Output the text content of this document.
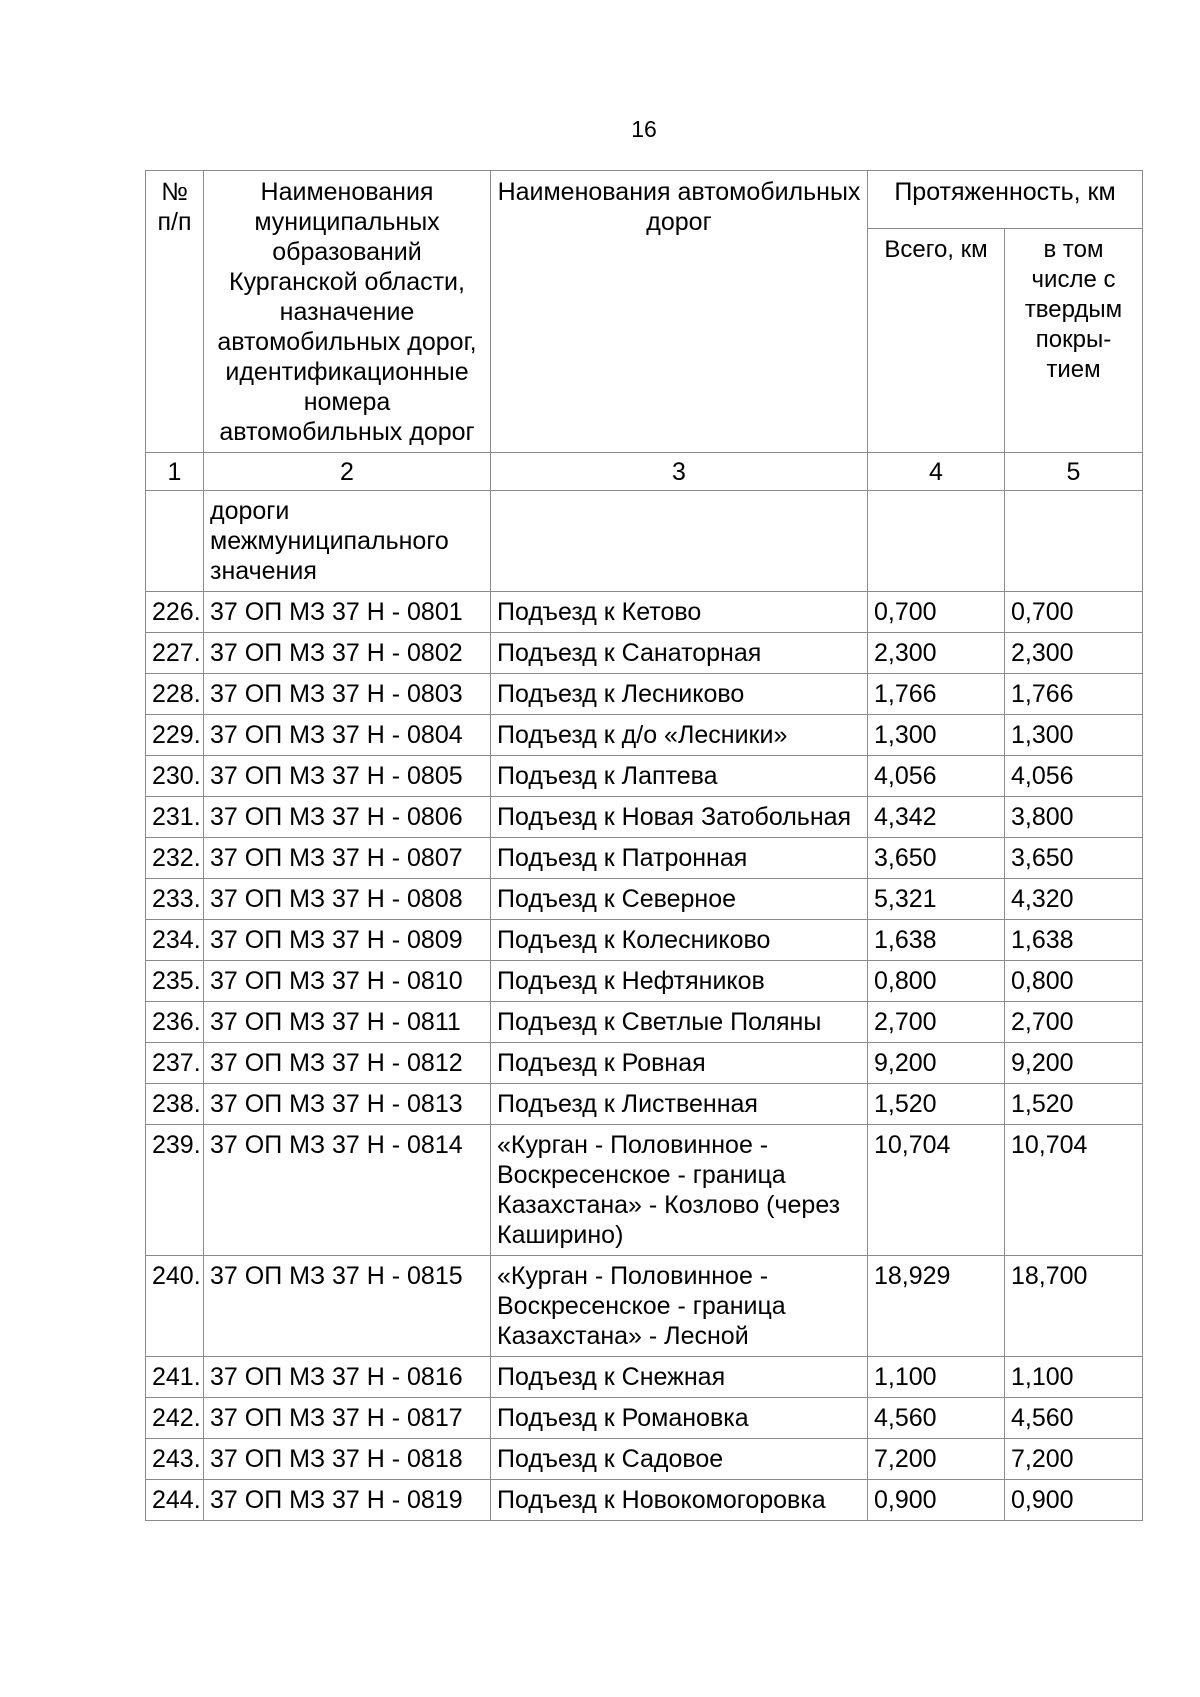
16
№ п/п	Наименования муниципальных образований Курганской области, назначение автомобильных дорог, идентификационные номера автомобильных дорог	Наименования автомобильных дорог	Протяженность, км	
			Всего, км	в том числе с твердым покры-тием
1	2	3	4	5
	дороги межмуниципального значения			
226.	37 ОП МЗ 37 Н - 0801	Подъезд к Кетово	0,700	0,700
227.	37 ОП МЗ 37 Н - 0802	Подъезд к Санаторная	2,300	2,300
228.	37 ОП МЗ 37 Н - 0803	Подъезд к Лесниково	1,766	1,766
229.	37 ОП МЗ 37 Н - 0804	Подъезд к д/о «Лесники»	1,300	1,300
230.	37 ОП МЗ 37 Н - 0805	Подъезд к Лаптева	4,056	4,056
231.	37 ОП МЗ 37 Н - 0806	Подъезд к Новая Затобольная	4,342	3,800
232.	37 ОП МЗ 37 Н - 0807	Подъезд к Патронная	3,650	3,650
233.	37 ОП МЗ 37 Н - 0808	Подъезд к Северное	5,321	4,320
234.	37 ОП МЗ 37 Н - 0809	Подъезд к Колесниково	1,638	1,638
235.	37 ОП МЗ 37 Н - 0810	Подъезд к Нефтяников	0,800	0,800
236.	37 ОП МЗ 37 Н - 0811	Подъезд к Светлые Поляны	2,700	2,700
237.	37 ОП МЗ 37 Н - 0812	Подъезд к Ровная	9,200	9,200
238.	37 ОП МЗ 37 Н - 0813	Подъезд к Лиственная	1,520	1,520
239.	37 ОП МЗ 37 Н - 0814	«Курган - Половинное - Воскресенское - граница Казахстана» - Козлово (через Каширино)	10,704	10,704
240.	37 ОП МЗ 37 Н - 0815	«Курган - Половинное - Воскресенское - граница Казахстана» - Лесной	18,929	18,700
241.	37 ОП МЗ 37 Н - 0816	Подъезд к Снежная	1,100	1,100
242.	37 ОП МЗ 37 Н - 0817	Подъезд к Романовка	4,560	4,560
243.	37 ОП МЗ 37 Н - 0818	Подъезд к Садовое	7,200	7,200
244.	37 ОП МЗ 37 Н - 0819	Подъезд к Новокомогоровка	0,900	0,900
